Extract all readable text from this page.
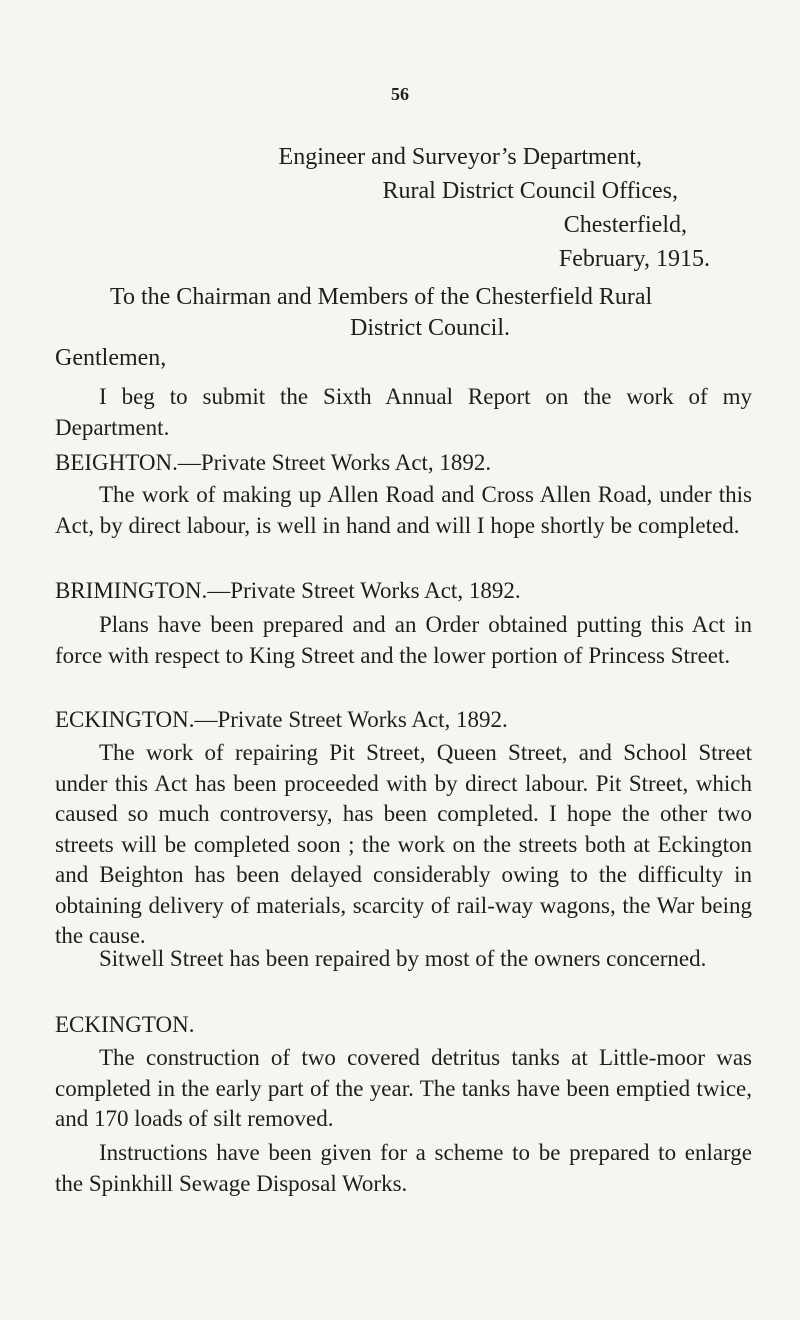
56
Engineer and Surveyor’s Department,
Rural District Council Offices,
Chesterfield,
February, 1915.
To the Chairman and Members of the Chesterfield Rural
District Council.
Gentlemen,
I beg to submit the Sixth Annual Report on the work of my Department.
BEIGHTON.—Private Street Works Act, 1892.
The work of making up Allen Road and Cross Allen Road, under this Act, by direct labour, is well in hand and will I hope shortly be completed.
BRIMINGTON.—Private Street Works Act, 1892.
Plans have been prepared and an Order obtained putting this Act in force with respect to King Street and the lower portion of Princess Street.
ECKINGTON.—Private Street Works Act, 1892.
The work of repairing Pit Street, Queen Street, and School Street under this Act has been proceeded with by direct labour. Pit Street, which caused so much controversy, has been completed. I hope the other two streets will be completed soon ; the work on the streets both at Eckington and Beighton has been delayed considerably owing to the difficulty in obtaining delivery of materials, scarcity of rail-way wagons, the War being the cause.
Sitwell Street has been repaired by most of the owners concerned.
ECKINGTON.
The construction of two covered detritus tanks at Little-moor was completed in the early part of the year. The tanks have been emptied twice, and 170 loads of silt removed.
Instructions have been given for a scheme to be prepared to enlarge the Spinkhill Sewage Disposal Works.
